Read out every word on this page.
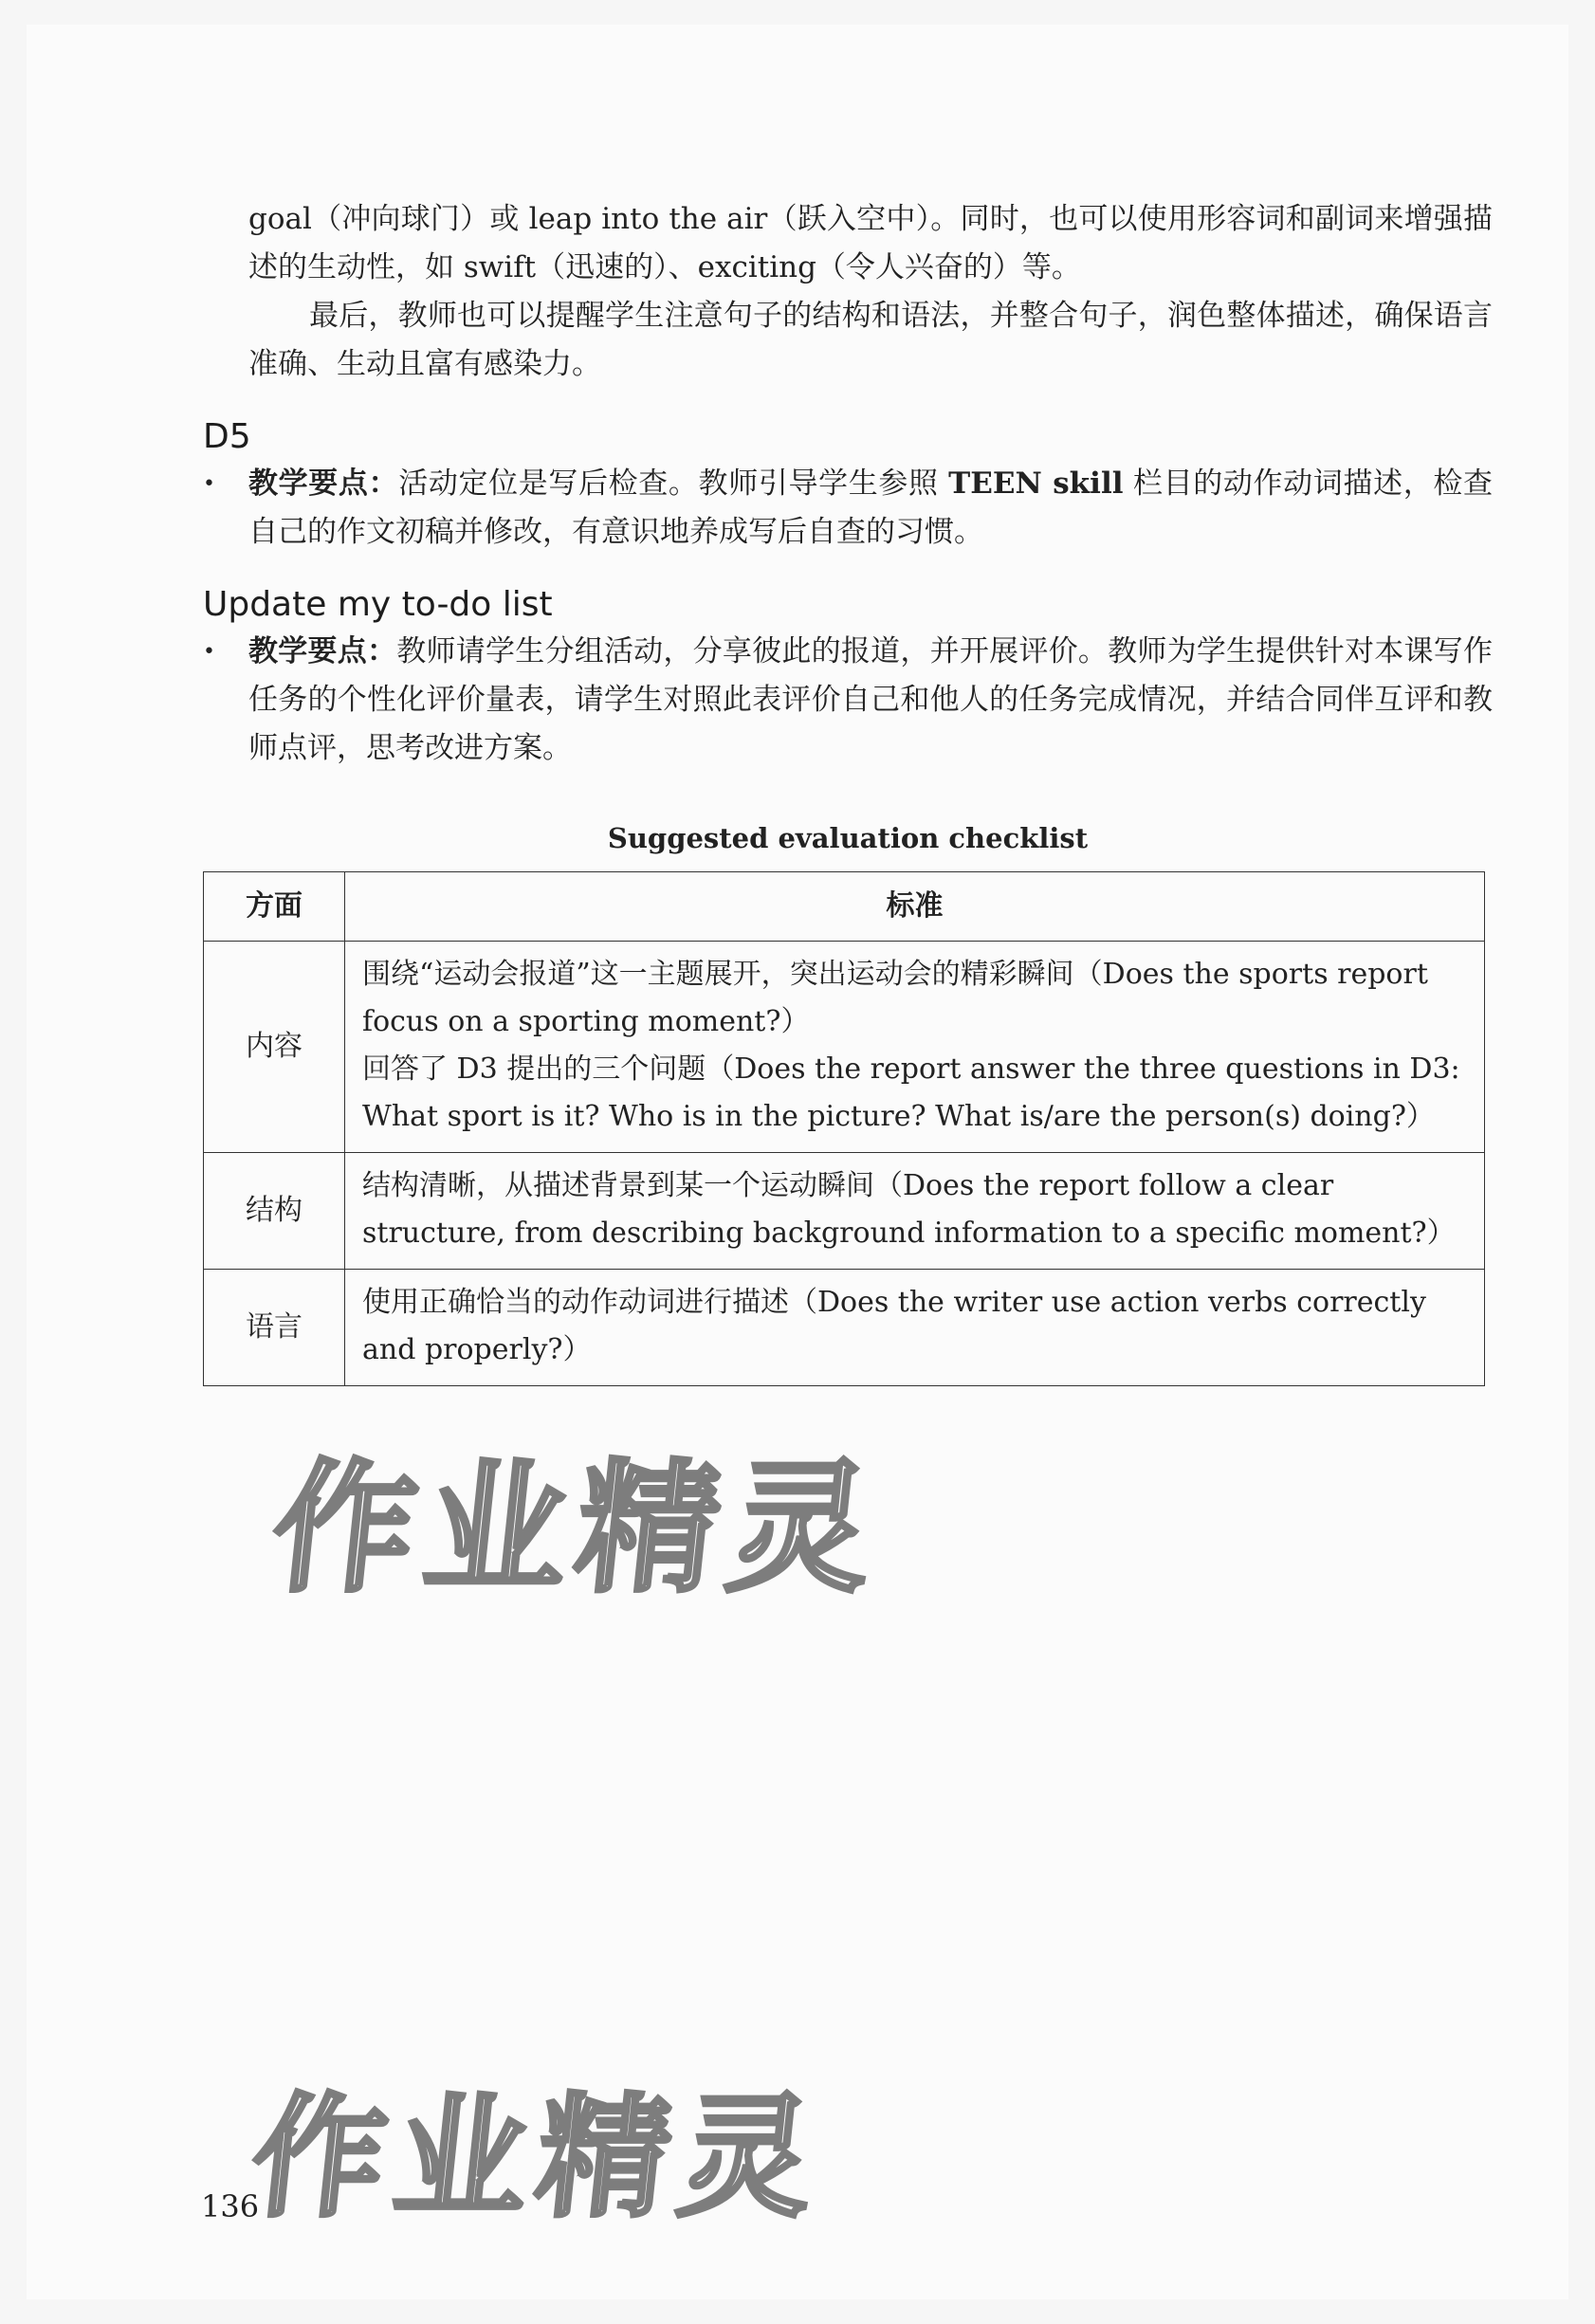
goal（冲向球门）或 leap into the air（跃入空中）。同时，也可以使用形容词和副词来增强描述的生动性，如 swift（迅速的）、exciting（令人兴奋的）等。

最后，教师也可以提醒学生注意句子的结构和语法，并整合句子，润色整体描述，确保语言准确、生动且富有感染力。

D5
• 教学要点：活动定位是写后检查。教师引导学生参照 TEEN skill 栏目的动作动词描述，检查自己的作文初稿并修改，有意识地养成写后自查的习惯。
Update my to-do list
• 教学要点：教师请学生分组活动，分享彼此的报道，并开展评价。教师为学生提供针对本课写作任务的个性化评价量表，请学生对照此表评价自己和他人的任务完成情况，并结合同伴互评和教师点评，思考改进方案。

Suggested evaluation checklist

方面	标准
内容	围绕“运动会报道”这一主题展开，突出运动会的精彩瞬间（Does the sports report focus on a sporting moment?）
回答了 D3 提出的三个问题（Does the report answer the three questions in D3: What sport is it? Who is in the picture? What is/are the person(s) doing?）

结构	结构清晰，从描述背景到某一个运动瞬间（Does the report follow a clear structure, from describing background information to a specific moment?）

语言	使用正确恰当的动作动词进行描述（Does the writer use action verbs correctly and properly?）
作业精灵
作业精灵
136
